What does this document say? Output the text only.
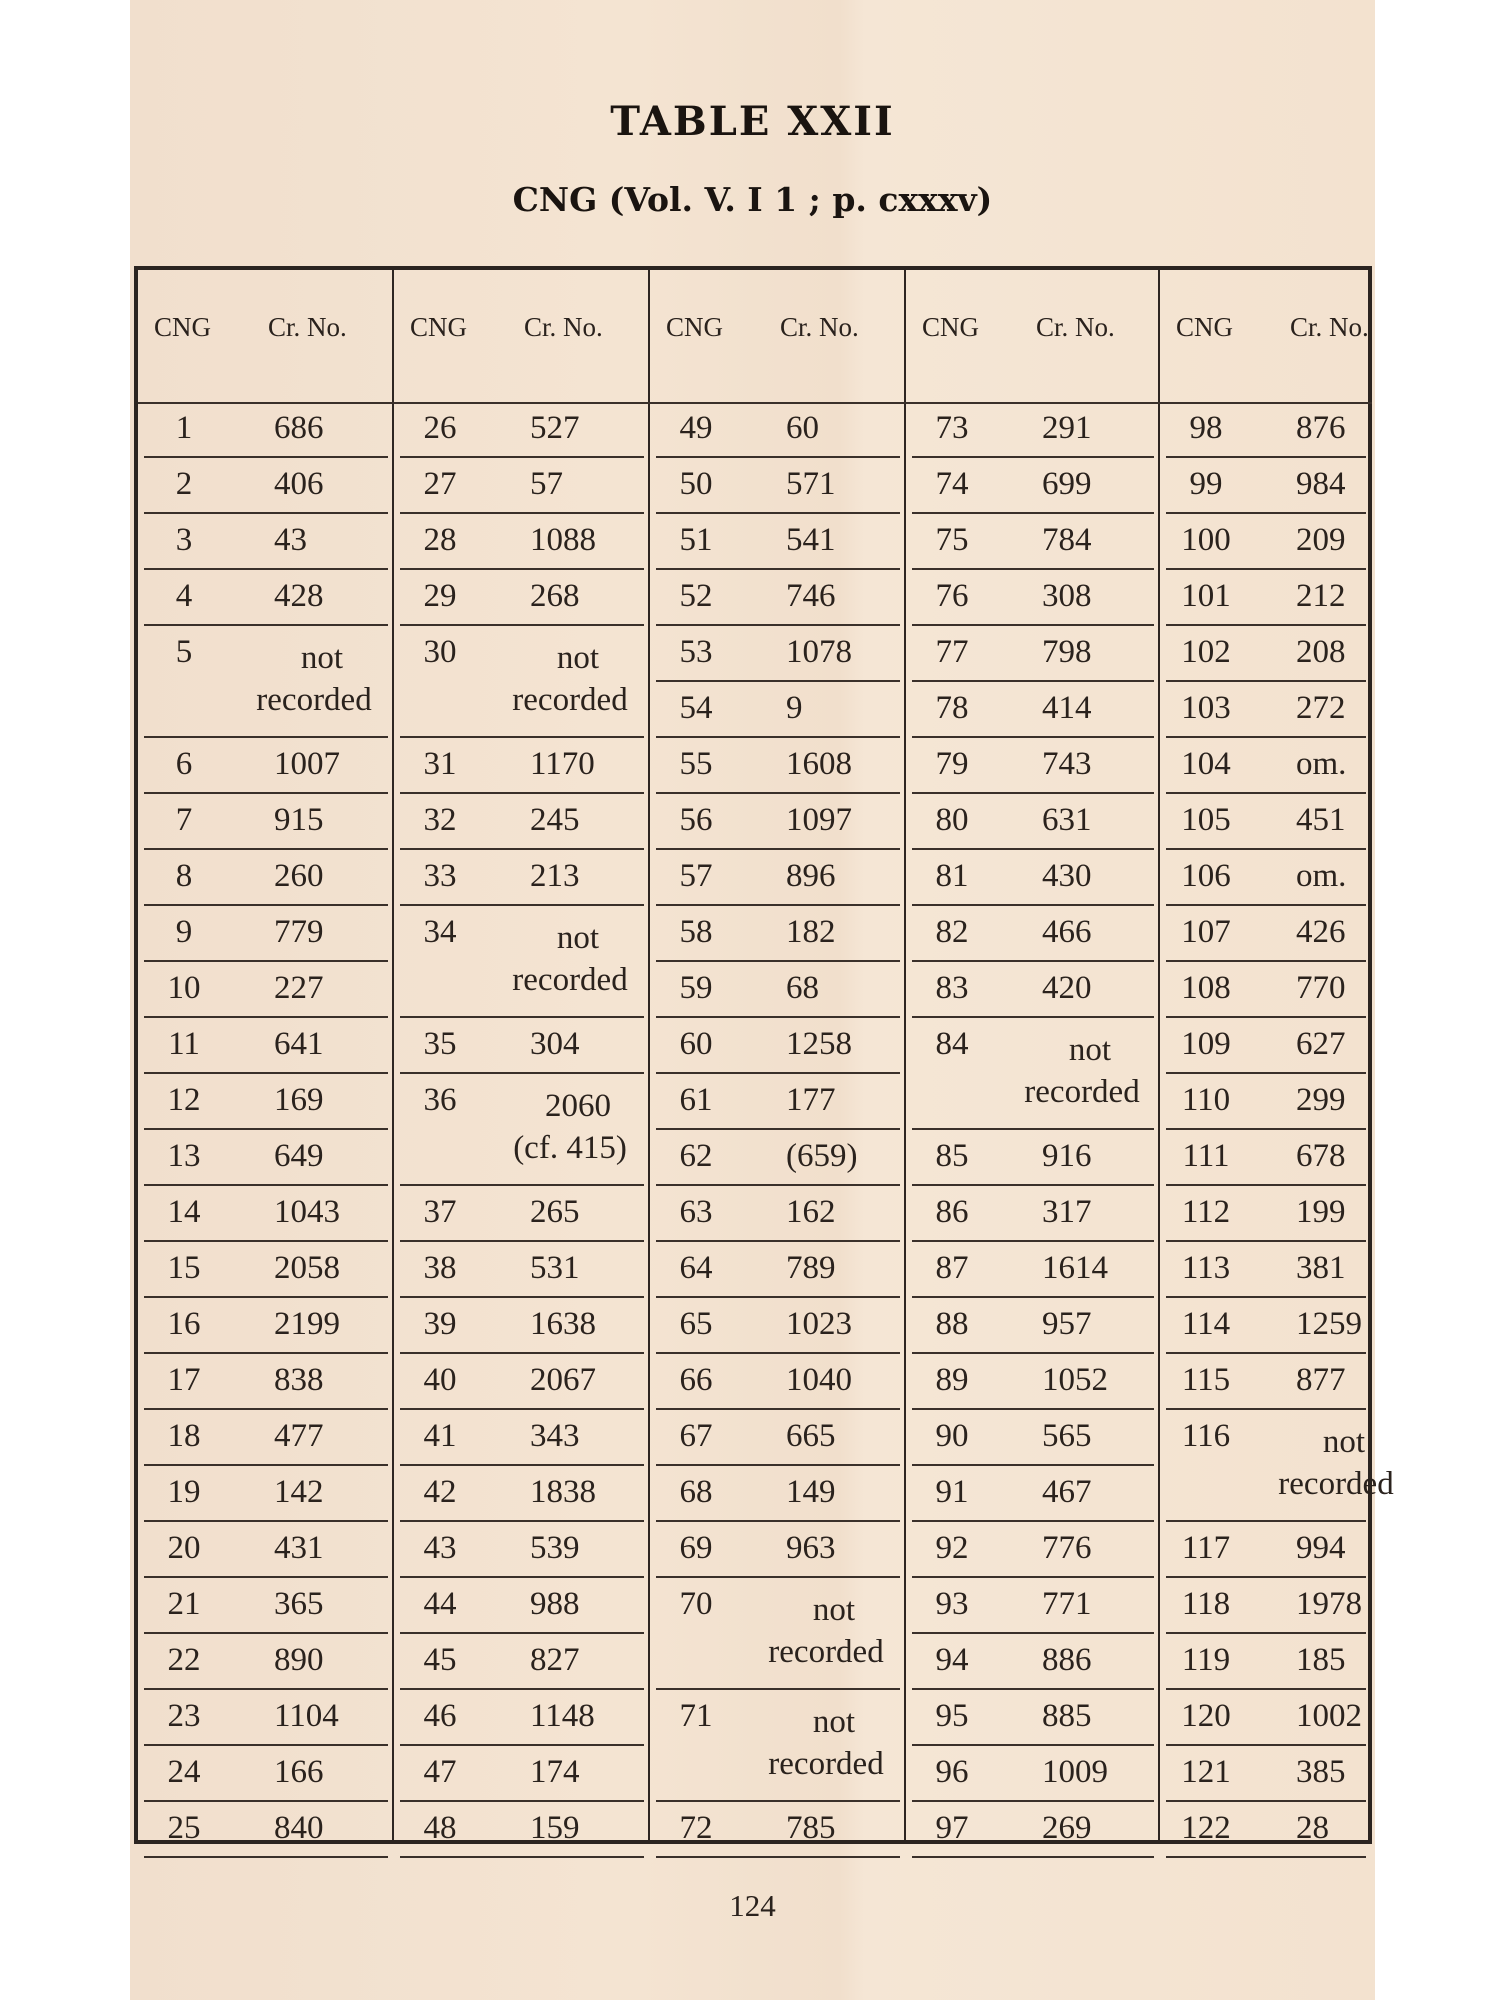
TABLE XXII
CNG (Vol. V. I 1 ; p. cxxxv)
124
CNG Cr. No.
1	686
2	406
3	43
4	428
5	not
recorded
6	1007
7	915
8	260
9	779
10	227
11	641
12	169
13	649
14	1043
15	2058
16	2199
17	838
18	477
19	142
20	431
21	365
22	890
23	1104
24	166
25	840
CNG Cr. No.
26	527
27	57
28	1088
29	268
30	not
recorded
31	1170
32	245
33	213
34	not
recorded
35	304
36	2060
(cf. 415)
37	265
38	531
39	1638
40	2067
41	343
42	1838
43	539
44	988
45	827
46	1148
47	174
48	159
CNG Cr. No.
49	60
50	571
51	541
52	746
53	1078
54	9
55	1608
56	1097
57	896
58	182
59	68
60	1258
61	177
62	(659)
63	162
64	789
65	1023
66	1040
67	665
68	149
69	963
70	not
recorded
71	not
recorded
72	785
CNG Cr. No.
73	291
74	699
75	784
76	308
77	798
78	414
79	743
80	631
81	430
82	466
83	420
84	not
recorded
85	916
86	317
87	1614
88	957
89	1052
90	565
91	467
92	776
93	771
94	886
95	885
96	1009
97	269
CNG Cr. No.
98	876
99	984
100	209
101	212
102	208
103	272
104	om.
105	451
106	om.
107	426
108	770
109	627
110	299
111	678
112	199
113	381
114	1259
115	877
116	not
recorded
117	994
118	1978
119	185
120	1002
121	385
122	28
